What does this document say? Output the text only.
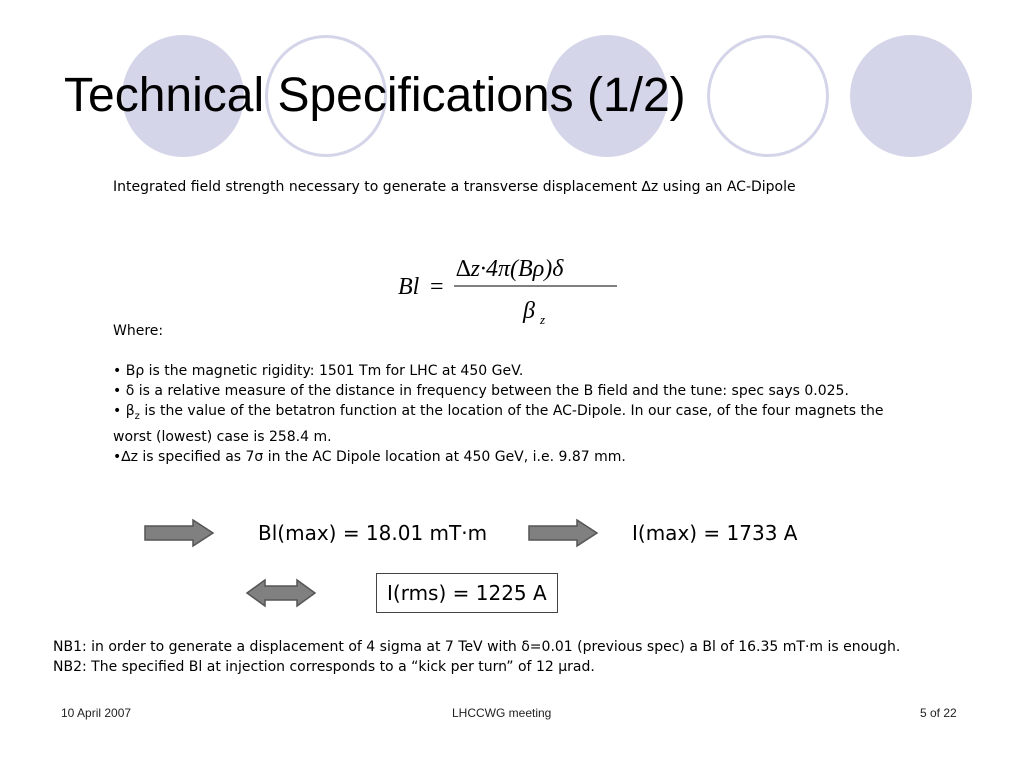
Technical Specifications (1/2)
Integrated field strength necessary to generate a transverse displacement ∆z using an AC-Dipole
Bl =
∆z·4π(Bρ)δ
β z

Where:

• Bρ is the magnetic rigidity: 1501 Tm for LHC at 450 GeV.

• δ is a relative measure of the distance in frequency between the B field and the tune: spec says 0.025.

• $\beta_z$ is the value of the betatron function at the location of the AC-Dipole. In our case, of the four magnets the worst (lowest) case is 258.4 m.

•∆z is specified as 7σ in the AC Dipole location at 450 GeV, i.e. 9.87 mm.

Bl(max) = 18.01 mT·m	I(max) = 1733 A
I(rms) = 1225 A

NB1: in order to generate a displacement of 4 sigma at 7 TeV with δ=0.01 (previous spec) a Bl of 16.35 mT·m is enough.

NB2: The specified Bl at injection corresponds to a “kick per turn” of 12 μrad.

10 April 2007	LHCCWG meeting	5 of 22
